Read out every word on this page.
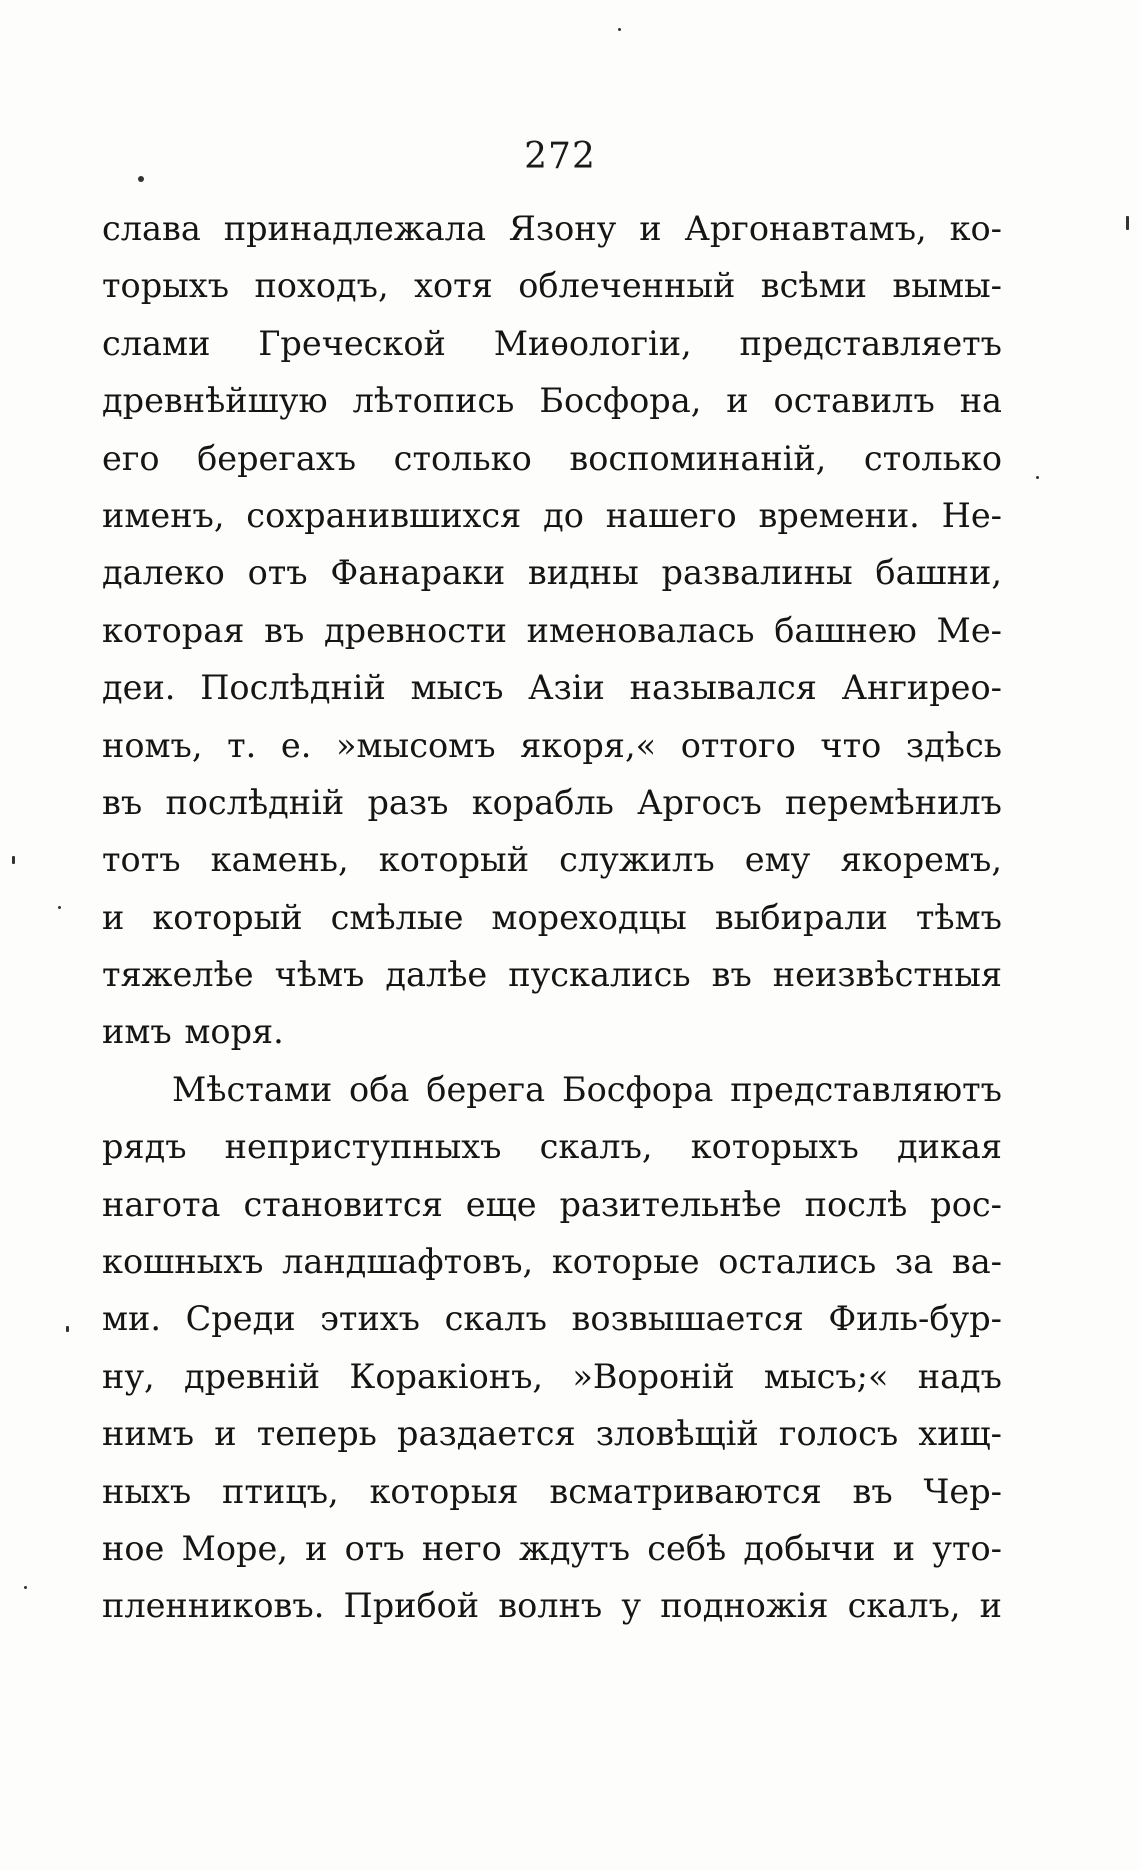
272
слава принадлежала Язону и Аргонавтамъ, ко-
торыхъ походъ, хотя облеченный всѣми вымы-
слами Греческой Миѳологіи, представляетъ
древнѣйшую лѣтопись Босфора, и оставилъ на
его берегахъ столько воспоминаній, столько
именъ, сохранившихся до нашего времени. Не-
далеко отъ Фанараки видны развалины башни,
которая въ древности именовалась башнею Ме-
деи. Послѣдній мысъ Азіи назывался Ангирео-
номъ, т. е. »мысомъ якоря,« оттого что здѣсь
въ послѣдній разъ корабль Аргосъ перемѣнилъ
тотъ камень, который служилъ ему якоремъ,
и который смѣлые мореходцы выбирали тѣмъ
тяжелѣе чѣмъ далѣе пускались въ неизвѣстныя
имъ моря.
Мѣстами оба берега Босфора представляютъ
рядъ неприступныхъ скалъ, которыхъ дикая
нагота становится еще разительнѣе послѣ рос-
кошныхъ ландшафтовъ, которые остались за ва-
ми. Среди этихъ скалъ возвышается Филь-бур-
ну, древній Коракіонъ, »Вороній мысъ;« надъ
нимъ и теперь раздается зловѣщій голосъ хищ-
ныхъ птицъ, которыя всматриваются въ Чер-
ное Море, и отъ него ждутъ себѣ добычи и уто-
пленниковъ. Прибой волнъ у подножія скалъ, и
